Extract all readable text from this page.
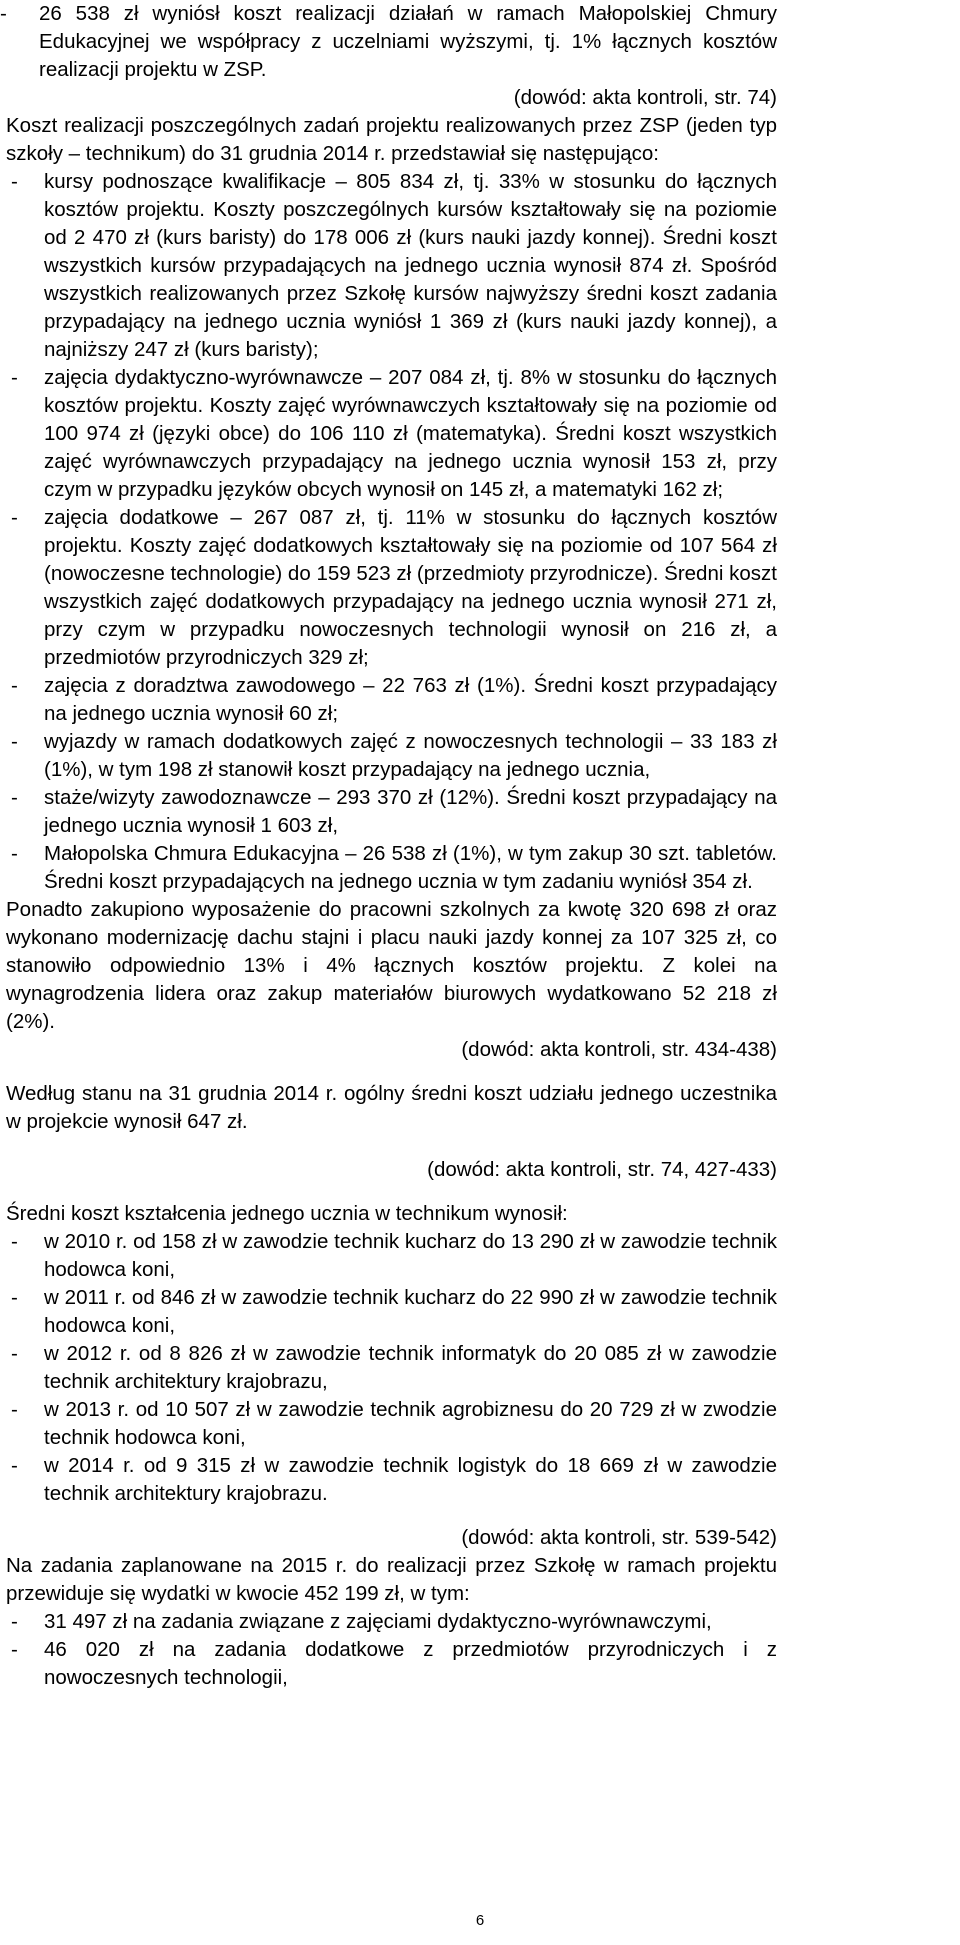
- 26 538 zł wyniósł koszt realizacji działań w ramach Małopolskiej Chmury Edukacyjnej we współpracy z uczelniami wyższymi, tj. 1% łącznych kosztów realizacji projektu w ZSP.

(dowód: akta kontroli, str. 74)

Koszt realizacji poszczególnych zadań projektu realizowanych przez ZSP (jeden typ szkoły – technikum) do 31 grudnia 2014 r. przedstawiał się następująco:

- kursy podnoszące kwalifikacje – 805 834 zł, tj. 33% w stosunku do łącznych kosztów projektu. Koszty poszczególnych kursów kształtowały się na poziomie od 2 470 zł (kurs baristy) do 178 006 zł (kurs nauki jazdy konnej). Średni koszt wszystkich kursów przypadających na jednego ucznia wynosił 874 zł. Spośród wszystkich realizowanych przez Szkołę kursów najwyższy średni koszt zadania przypadający na jednego ucznia wyniósł 1 369 zł (kurs nauki jazdy konnej), a najniższy 247 zł (kurs baristy);
- zajęcia dydaktyczno-wyrównawcze – 207 084 zł, tj. 8% w stosunku do łącznych kosztów projektu. Koszty zajęć wyrównawczych kształtowały się na poziomie od 100 974 zł (języki obce) do 106 110 zł (matematyka). Średni koszt wszystkich zajęć wyrównawczych przypadający na jednego ucznia wynosił 153 zł, przy czym w przypadku języków obcych wynosił on 145 zł, a matematyki 162 zł;
- zajęcia dodatkowe – 267 087 zł, tj. 11% w stosunku do łącznych kosztów projektu. Koszty zajęć dodatkowych kształtowały się na poziomie od 107 564 zł (nowoczesne technologie) do 159 523 zł (przedmioty przyrodnicze). Średni koszt wszystkich zajęć dodatkowych przypadający na jednego ucznia wynosił 271 zł, przy czym w przypadku nowoczesnych technologii wynosił on 216 zł, a przedmiotów przyrodniczych 329 zł;
- zajęcia z doradztwa zawodowego – 22 763 zł (1%). Średni koszt przypadający na jednego ucznia wynosił 60 zł;
- wyjazdy w ramach dodatkowych zajęć z nowoczesnych technologii – 33 183 zł (1%), w tym 198 zł stanowił koszt przypadający na jednego ucznia,
- staże/wizyty zawodoznawcze – 293 370 zł (12%). Średni koszt przypadający na jednego ucznia wynosił 1 603 zł,
- Małopolska Chmura Edukacyjna – 26 538 zł (1%), w tym zakup 30 szt. tabletów. Średni koszt przypadających na jednego ucznia w tym zadaniu wyniósł 354 zł.

Ponadto zakupiono wyposażenie do pracowni szkolnych za kwotę 320 698 zł oraz wykonano modernizację dachu stajni i placu nauki jazdy konnej za 107 325 zł, co stanowiło odpowiednio 13% i 4% łącznych kosztów projektu. Z kolei na wynagrodzenia lidera oraz zakup materiałów biurowych wydatkowano 52 218 zł (2%).

(dowód: akta kontroli, str. 434-438)

Według stanu na 31 grudnia 2014 r. ogólny średni koszt udziału jednego uczestnika w projekcie wynosił 647 zł.

(dowód: akta kontroli, str. 74, 427-433)

Średni koszt kształcenia jednego ucznia w technikum wynosił:

- w 2010 r. od 158 zł w zawodzie technik kucharz do 13 290 zł w zawodzie technik hodowca koni,
- w 2011 r. od 846 zł w zawodzie technik kucharz do 22 990 zł w zawodzie technik hodowca koni,
- w 2012 r. od 8 826 zł w zawodzie technik informatyk do 20 085 zł w zawodzie technik architektury krajobrazu,
- w 2013 r. od 10 507 zł w zawodzie technik agrobiznesu do 20 729 zł w zwodzie technik hodowca koni,
- w 2014 r. od 9 315 zł w zawodzie technik logistyk do 18 669 zł w zawodzie technik architektury krajobrazu.

(dowód: akta kontroli, str. 539-542)

Na zadania zaplanowane na 2015 r. do realizacji przez Szkołę w ramach projektu przewiduje się wydatki w kwocie 452 199 zł, w tym:

- 31 497 zł na zadania związane z zajęciami dydaktyczno-wyrównawczymi,
- 46 020 zł na zadania dodatkowe z przedmiotów przyrodniczych i z nowoczesnych technologii,
6
